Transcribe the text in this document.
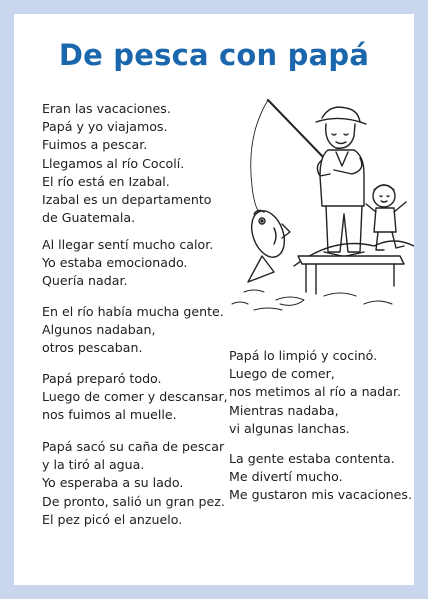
De pesca con papá
Eran las vacaciones.
Papá y yo viajamos.
Fuimos a pescar.
Llegamos al río Cocolí.
El río está en Izabal.
Izabal es un departamento
de Guatemala.
Al llegar sentí mucho calor.
Yo estaba emocionado.
Quería nadar.
En el río había mucha gente.
Algunos nadaban,
otros pescaban.
Papá preparó todo.
Luego de comer y descansar,
nos fuimos al muelle.
Papá sacó su caña de pescar
y la tiró al agua.
Yo esperaba a su lado.
De pronto, salió un gran pez.
El pez picó el anzuelo.
Papá lo limpió y cocinó.
Luego de comer,
nos metimos al río a nadar.
Mientras nadaba,
vi algunas lanchas.
La gente estaba contenta.
Me divertí mucho.
Me gustaron mis vacaciones.
